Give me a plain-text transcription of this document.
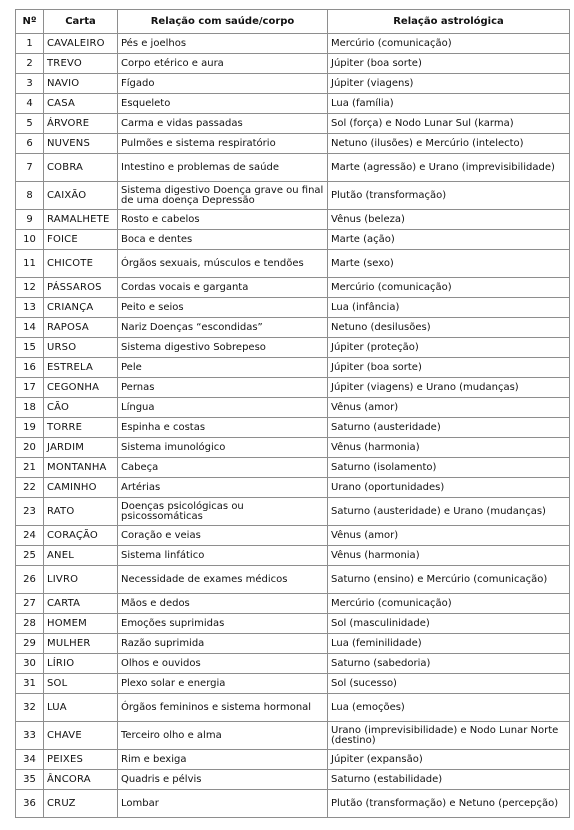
Nº	Carta	Relação com saúde/corpo	Relação astrológica
1	CAVALEIRO	Pés e joelhos	Mercúrio (comunicação)
2	TREVO	Corpo etérico e aura	Júpiter (boa sorte)
3	NAVIO	Fígado	Júpiter (viagens)
4	CASA	Esqueleto	Lua (família)
5	ÁRVORE	Carma e vidas passadas	Sol (força) e Nodo Lunar Sul (karma)
6	NUVENS	Pulmões e sistema respiratório	Netuno (ilusões) e Mercúrio (intelecto)
7	COBRA	Intestino e problemas de saúde	Marte (agressão) e Urano (imprevisibilidade)
8	CAIXÃO	Sistema digestivo Doença grave ou final de uma doença Depressão	Plutão (transformação)
9	RAMALHETE	Rosto e cabelos	Vênus (beleza)
10	FOICE	Boca e dentes	Marte (ação)
11	CHICOTE	Órgãos sexuais, músculos e tendões	Marte (sexo)
12	PÁSSAROS	Cordas vocais e garganta	Mercúrio (comunicação)
13	CRIANÇA	Peito e seios	Lua (infância)
14	RAPOSA	Nariz Doenças “escondidas”	Netuno (desilusões)
15	URSO	Sistema digestivo Sobrepeso	Júpiter (proteção)
16	ESTRELA	Pele	Júpiter (boa sorte)
17	CEGONHA	Pernas	Júpiter (viagens) e Urano (mudanças)
18	CÃO	Língua	Vênus (amor)
19	TORRE	Espinha e costas	Saturno (austeridade)
20	JARDIM	Sistema imunológico	Vênus (harmonia)
21	MONTANHA	Cabeça	Saturno (isolamento)
22	CAMINHO	Artérias	Urano (oportunidades)
23	RATO	Doenças psicológicas ou psicossomáticas	Saturno (austeridade) e Urano (mudanças)
24	CORAÇÃO	Coração e veias	Vênus (amor)
25	ANEL	Sistema linfático	Vênus (harmonia)
26	LIVRO	Necessidade de exames médicos	Saturno (ensino) e Mercúrio (comunicação)
27	CARTA	Mãos e dedos	Mercúrio (comunicação)
28	HOMEM	Emoções suprimidas	Sol (masculinidade)
29	MULHER	Razão suprimida	Lua (feminilidade)
30	LÍRIO	Olhos e ouvidos	Saturno (sabedoria)
31	SOL	Plexo solar e energia	Sol (sucesso)
32	LUA	Órgãos femininos e sistema hormonal	Lua (emoções)
33	CHAVE	Terceiro olho e alma	Urano (imprevisibilidade) e Nodo Lunar Norte (destino)
34	PEIXES	Rim e bexiga	Júpiter (expansão)
35	ÂNCORA	Quadris e pélvis	Saturno (estabilidade)
36	CRUZ	Lombar	Plutão (transformação) e Netuno (percepção)
